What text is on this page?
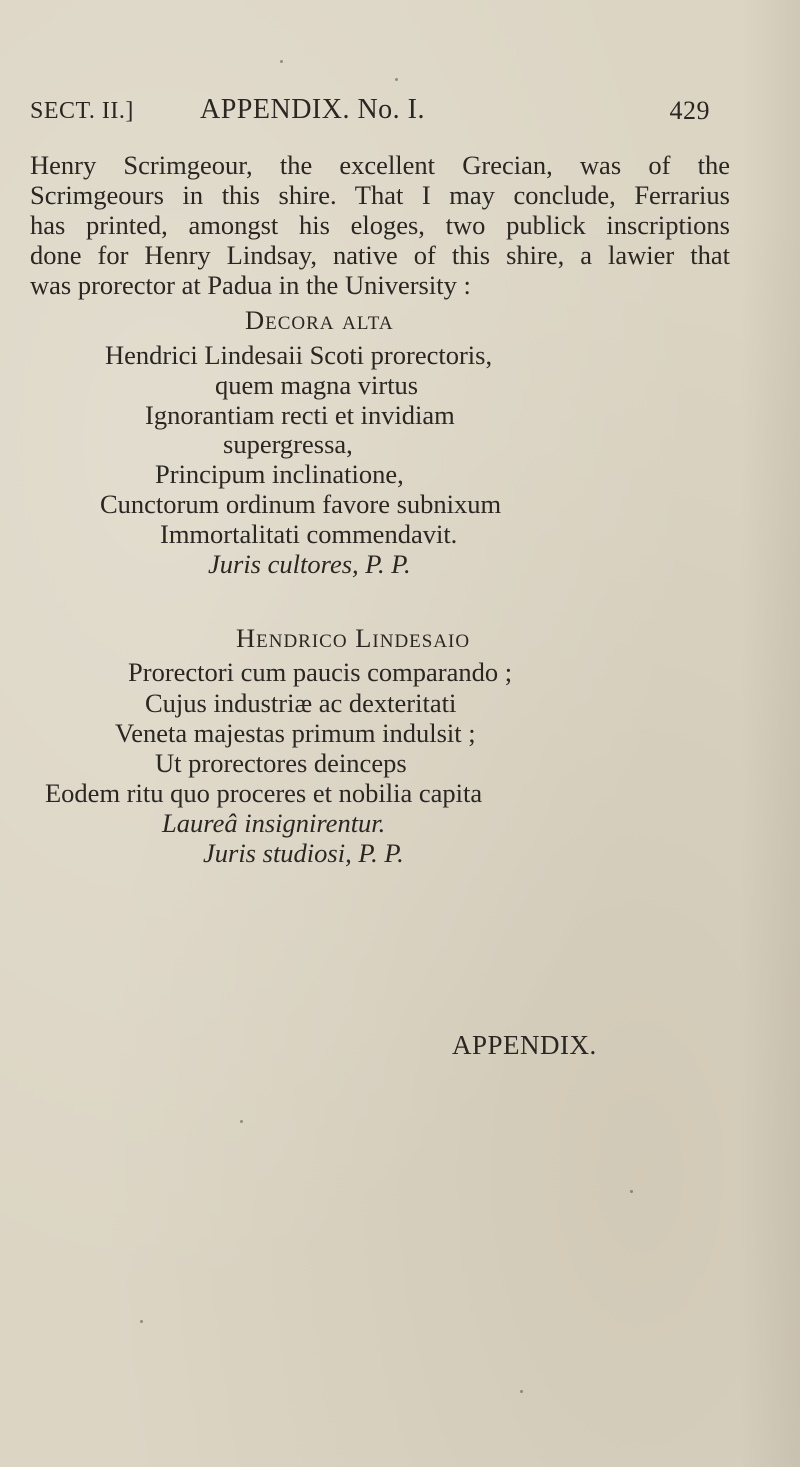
SECT. II.] APPENDIX. No. I.	429
Henry Scrimgeour, the excellent Grecian, was of the
Scrimgeours in this shire. That I may conclude, Ferrarius
has printed, amongst his eloges, two publick inscriptions
done for Henry Lindsay, native of this shire, a lawier that
was prorector at Padua in the University :
Decora alta
Hendrici Lindesaii Scoti prorectoris,
quem magna virtus
Ignorantiam recti et invidiam
supergressa,
Principum inclinatione,
Cunctorum ordinum favore subnixum
Immortalitati commendavit.
Juris cultores, P. P.
Hendrico Lindesaio
Prorectori cum paucis comparando ;
Cujus industriæ ac dexteritati
Veneta majestas primum indulsit ;
Ut prorectores deinceps
Eodem ritu quo proceres et nobilia capita
Laureâ insignirentur.
Juris studiosi, P. P.
APPENDIX.
